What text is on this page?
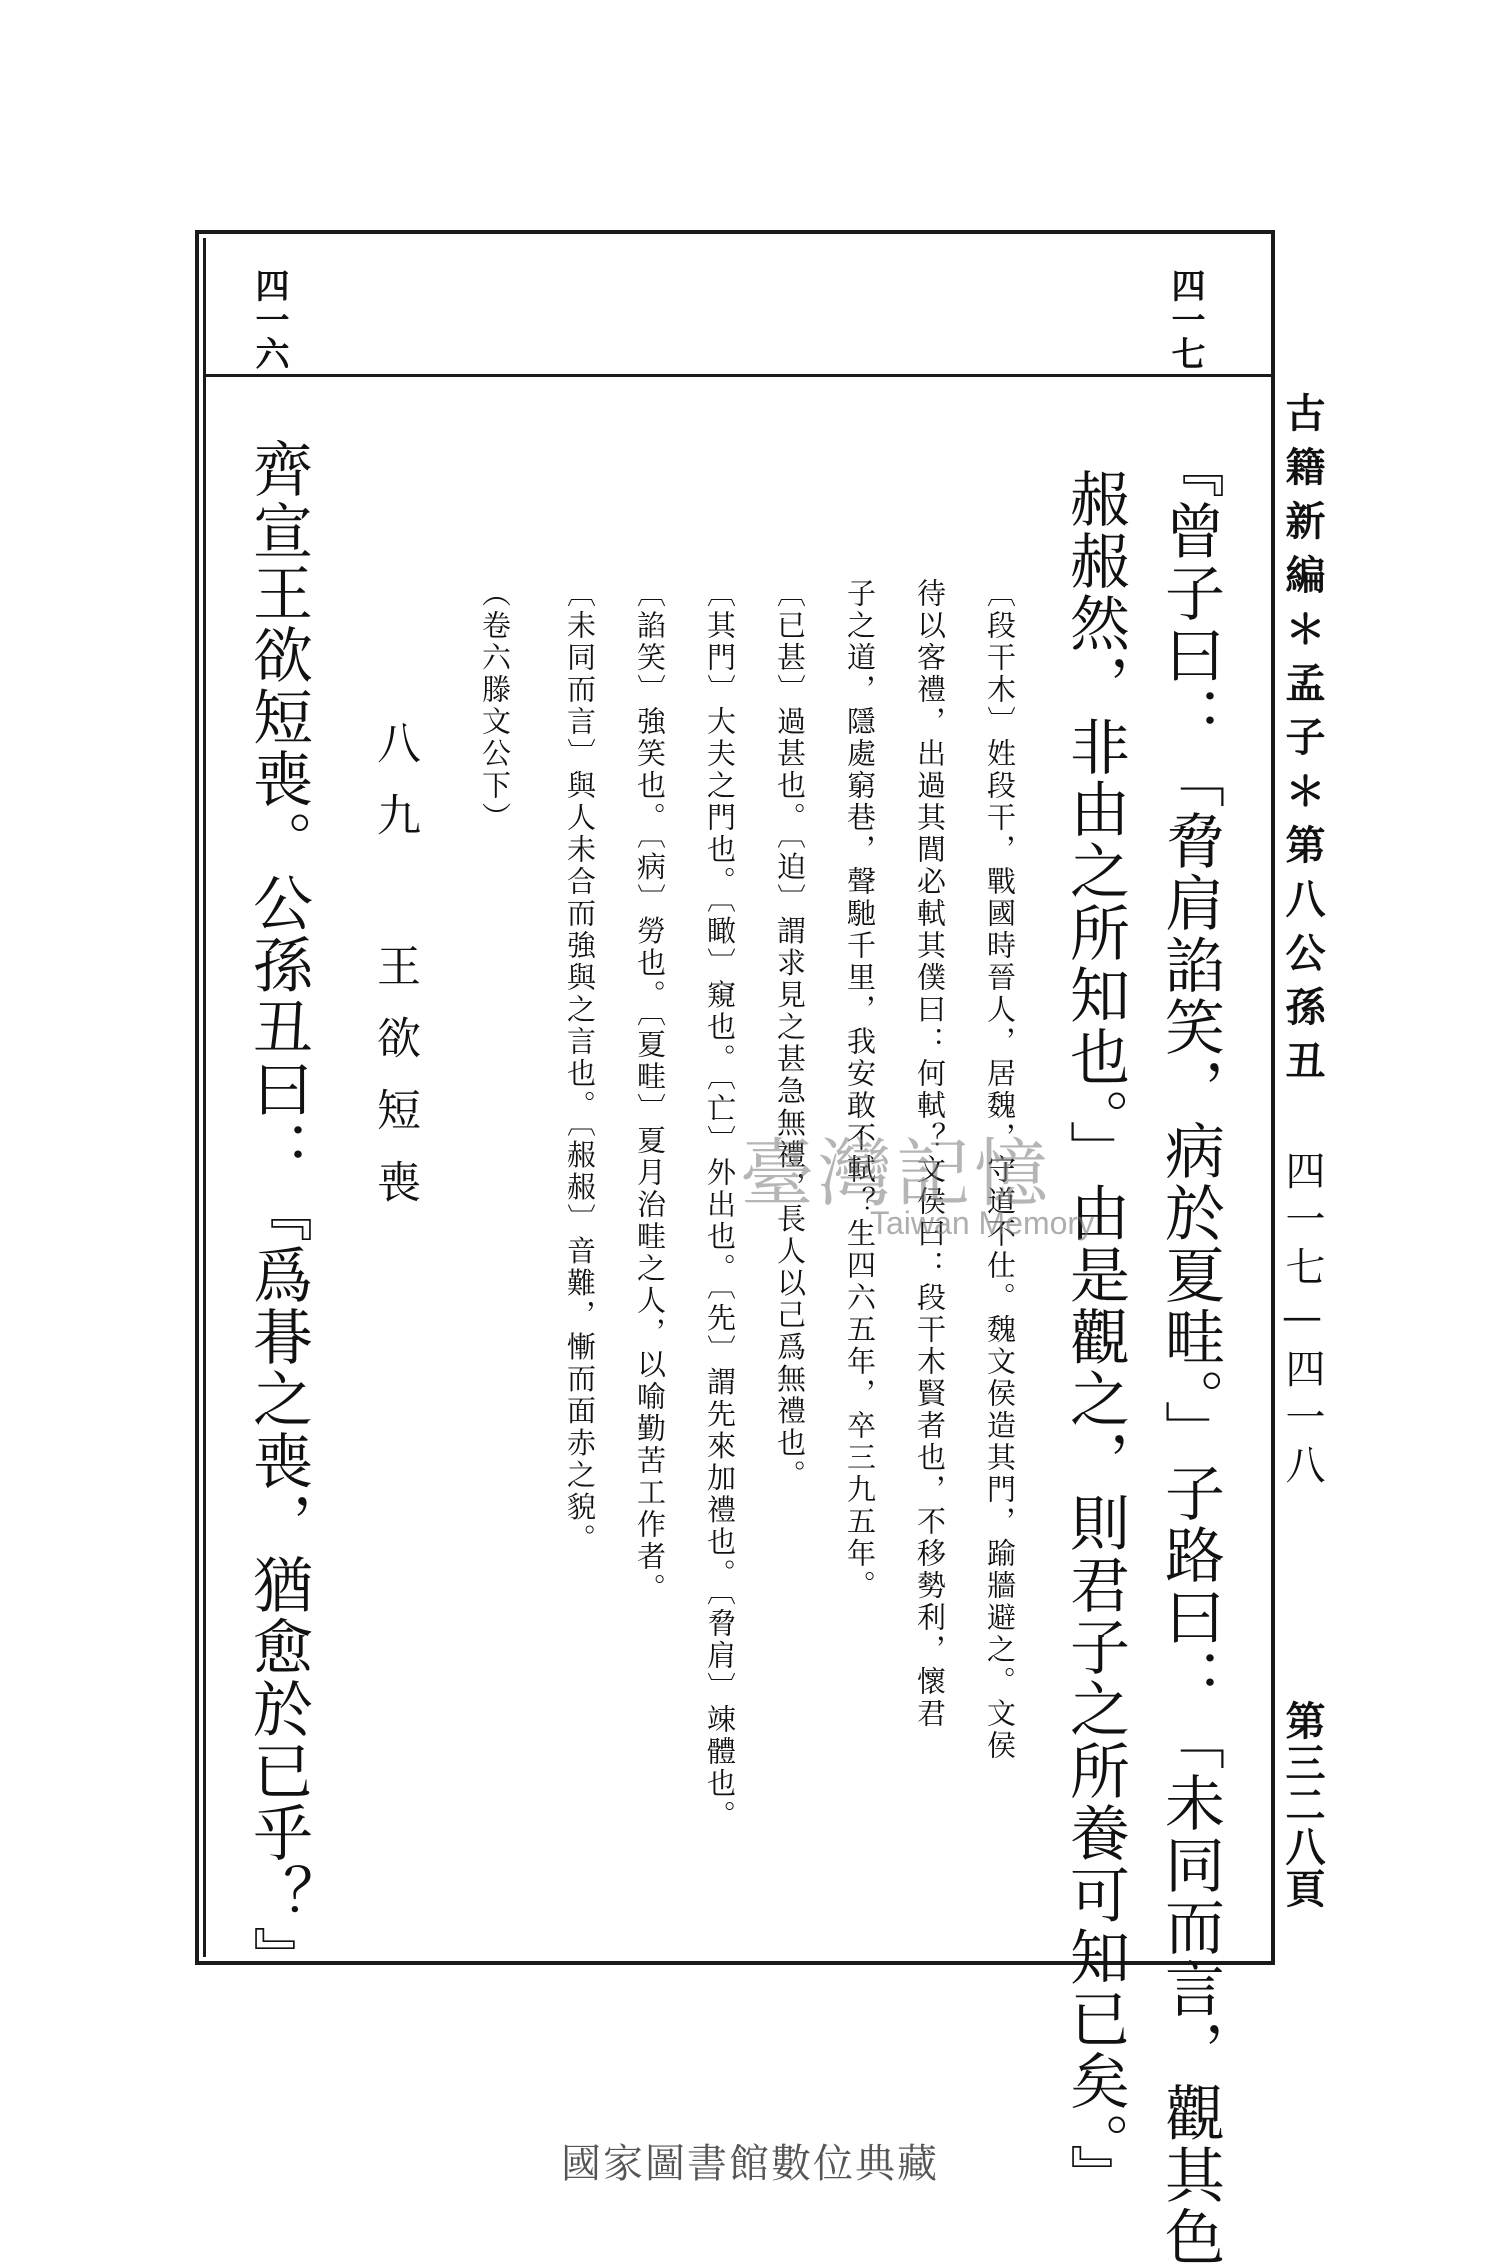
四一七
四一六
古籍新編＊孟子＊第八公孫丑
四一七—四一八
第三二八頁
『曾子曰：「脅肩諂笑，病於夏畦。」子路曰：「未同而言，觀其色
赧赧然，非由之所知也。」由是觀之，則君子之所養可知已矣。』
〔段干木〕姓段干，戰國時晉人，居魏，守道不仕。魏文侯造其門，踰牆避之。文侯
待以客禮，出過其閭必軾其僕曰：何軾？文侯曰：段干木賢者也，不移勢利，懷君
子之道，隱處窮巷，聲馳千里，我安敢不軾？生四六五年，卒三九五年。
〔已甚〕過甚也。〔迫〕謂求見之甚急無禮，長人以己爲無禮也。
〔其門〕大夫之門也。〔瞰〕窺也。〔亡〕外出也。〔先〕謂先來加禮也。〔脅肩〕竦體也。
〔諂笑〕強笑也。〔病〕勞也。〔夏畦〕夏月治畦之人，以喻勤苦工作者。
〔未同而言〕與人未合而強與之言也。〔赧赧〕音難，慚而面赤之貌。
（卷六滕文公下）
八九 王欲短喪
齊宣王欲短喪。公孫丑曰：『爲朞之喪，猶愈於已乎？』	臺灣記憶
Taiwan Memory
國家圖書館數位典藏
